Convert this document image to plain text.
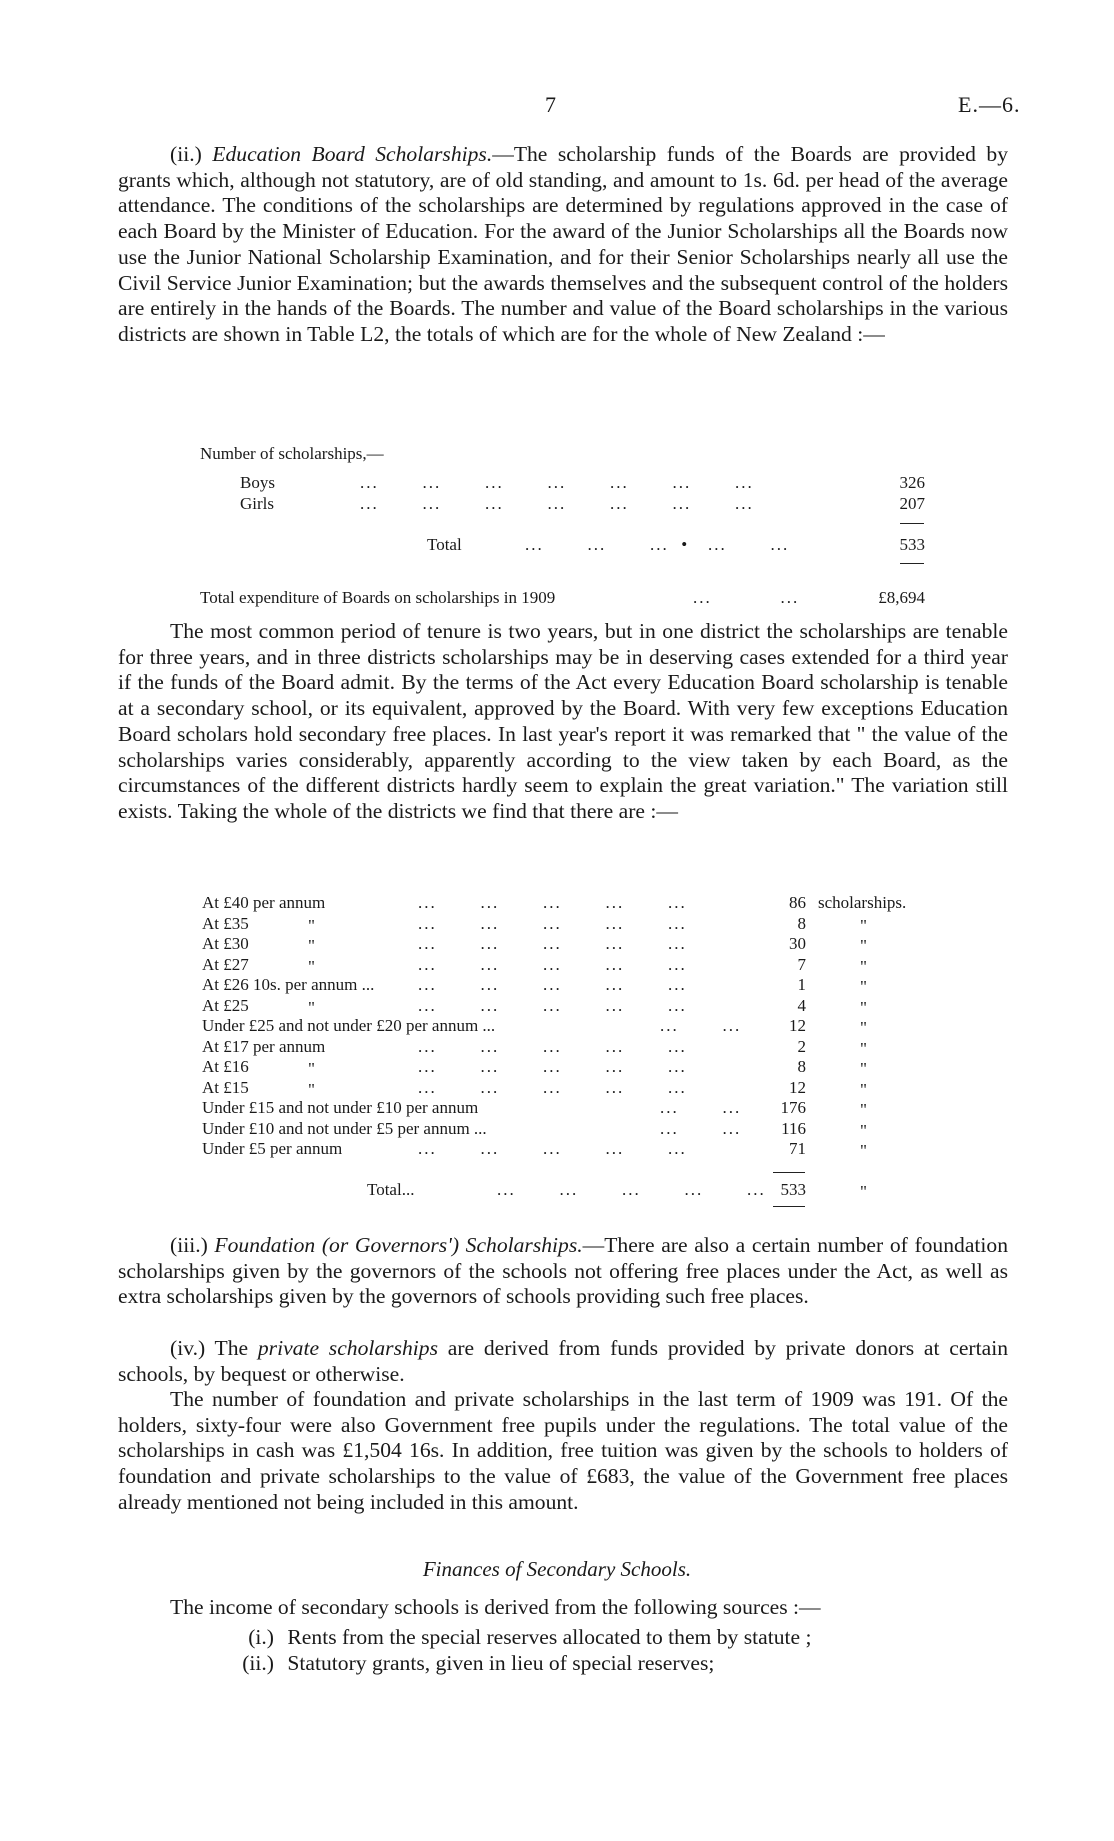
7	E.—6.
(ii.) Education Board Scholarships.—The scholarship funds of the Boards are provided by grants which, although not statutory, are of old standing, and amount to 1s. 6d. per head of the average attendance. The conditions of the scholarships are determined by regulations approved in the case of each Board by the Minister of Education. For the award of the Junior Scholarships all the Boards now use the Junior National Scholarship Examination, and for their Senior Scholarships nearly all use the Civil Service Junior Examination; but the awards themselves and the subsequent control of the holders are entirely in the hands of the Boards. The number and value of the Board scholarships in the various districts are shown in Table L2, the totals of which are for the whole of New Zealand :—
Number of scholarships,—
Boys	...       ...       ...       ...       ...       ...       ...	326
Girls	...       ...       ...       ...       ...       ...       ...	207
Total	...       ...       ...  •   ...       ...	533
Total expenditure of Boards on scholarships in 1909	...           ...	£8,694
The most common period of tenure is two years, but in one district the scholarships are tenable for three years, and in three districts scholarships may be in deserving cases extended for a third year if the funds of the Board admit. By the terms of the Act every Education Board scholarship is tenable at a secondary school, or its equivalent, approved by the Board. With very few exceptions Education Board scholars hold secondary free places. In last year's report it was remarked that " the value of the scholarships varies considerably, apparently according to the view taken by each Board, as the circumstances of the different districts hardly seem to explain the great variation." The variation still exists. Taking the whole of the districts we find that there are :—
At £40 per annum	...       ...       ...       ...       ...	86 scholarships.
At £35	"	...       ...       ...       ...       ...	8	"
At £30	"	...       ...       ...       ...       ...	30	"
At £27	"	...       ...       ...       ...       ...	7	"
At £26 10s. per annum ...	...       ...       ...       ...       ...	1	"
At £25	"	...       ...       ...       ...       ...	4	"
Under £25 and not under £20 per annum ...	...       ...	12	"
At £17 per annum	...       ...       ...       ...       ...	2	"
At £16	"	...       ...       ...       ...       ...	8	"
At £15	"	...       ...       ...       ...       ...	12	"
Under £15 and not under £10 per annum	...       ...	176	"
Under £10 and not under £5 per annum ...	...       ...	116	"
Under £5 per annum	...       ...       ...       ...       ...	71	"
Total...	...       ...       ...       ...       ... 533	"
(iii.) Foundation (or Governors') Scholarships.—There are also a certain number of foundation scholarships given by the governors of the schools not offering free places under the Act, as well as extra scholarships given by the governors of schools providing such free places.
(iv.) The private scholarships are derived from funds provided by private donors at certain schools, by bequest or otherwise.
The number of foundation and private scholarships in the last term of 1909 was 191. Of the holders, sixty-four were also Government free pupils under the regulations. The total value of the scholarships in cash was £1,504 16s. In addition, free tuition was given by the schools to holders of foundation and private scholarships to the value of £683, the value of the Government free places already mentioned not being included in this amount.
Finances of Secondary Schools.
The income of secondary schools is derived from the following sources :—
(i.) Rents from the special reserves allocated to them by statute ;
(ii.) Statutory grants, given in lieu of special reserves;
